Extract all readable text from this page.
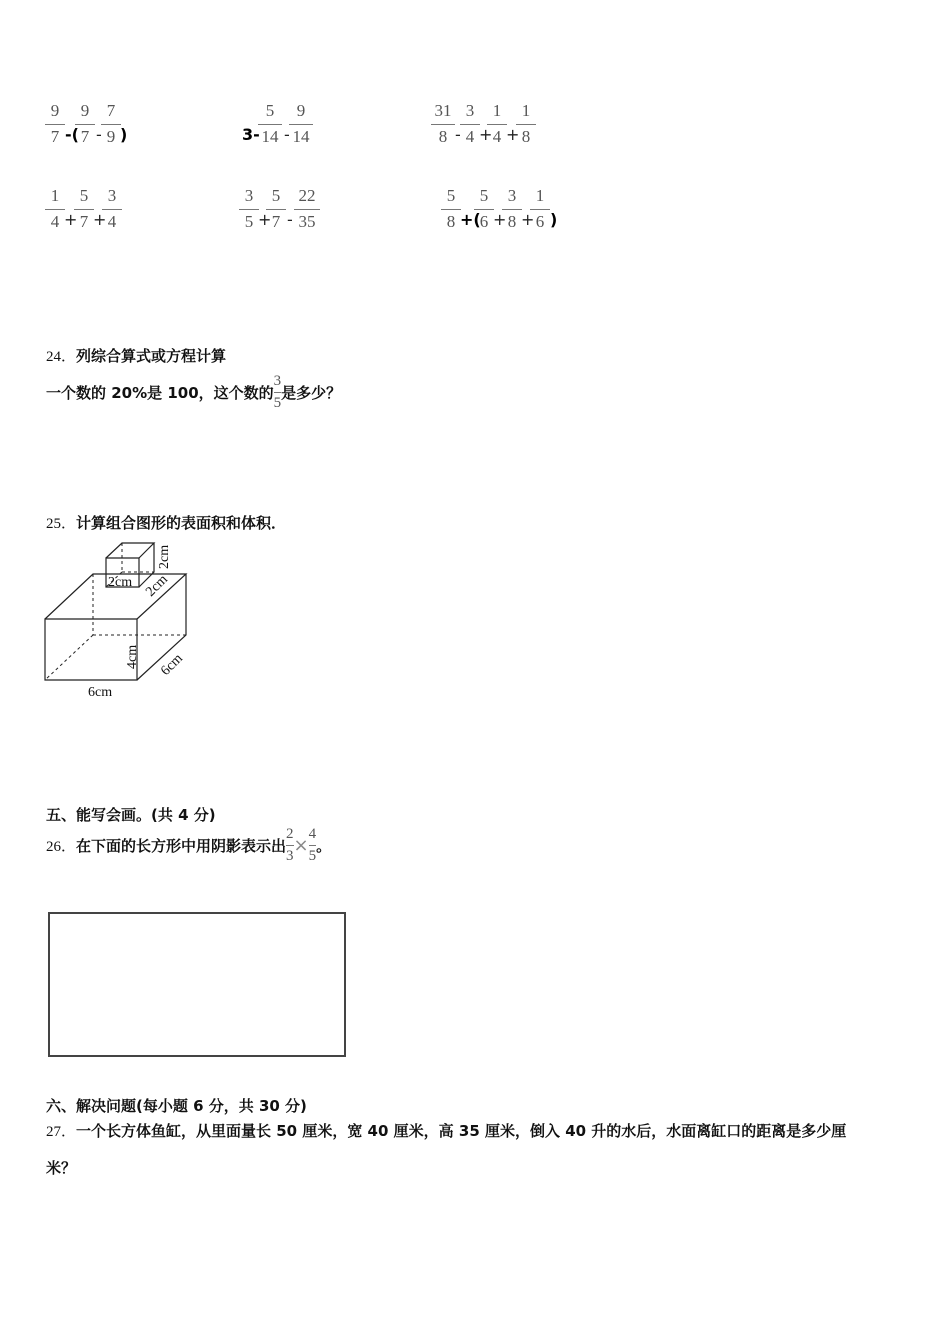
9
7 -(
9
7 -
7
9 )	3-
5
14 -
9
14
31
8 -
3
4 +
1
4 +
1
8
1
4 +
5
7 +
3
4
3
5 +
5
7 -
22
35
5
8 +(
5
6 +
3
8 +
1
6 )
24．列综合算式或方程计算
一个数的 20%是 100，这个数的$\frac{3}{5}$是多少？
25．计算组合图形的表面积和体积．
2cm 2cm
2cm
4cm 6cm
6cm
五、能写会画。(共 4 分)
26．在下面的长方形中用阴影表示出$\frac{2}{3}\times\frac{4}{5}$。
六、解决问题(每小题 6 分，共 30 分)
27．一个长方体鱼缸，从里面量长 50 厘米，宽 40 厘米，高 35 厘米，倒入 40 升的水后，水面离缸口的距离是多少厘
米？
